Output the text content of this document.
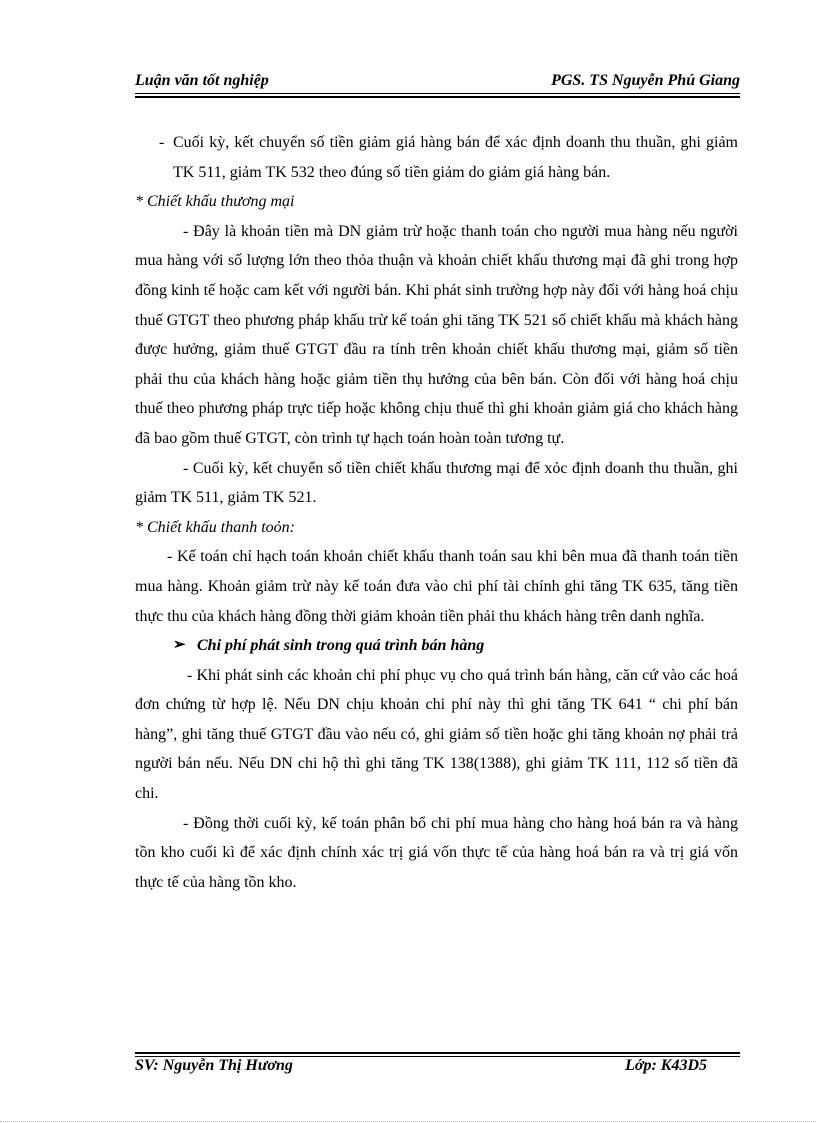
Luận văn tốt nghiệp	PGS. TS Nguyễn Phú Giang
- Cuối kỳ, kết chuyển số tiền giảm giá hàng bán để xác định doanh thu thuần, ghi giảm TK 511, giảm TK 532 theo đúng số tiền giảm do giảm giá hàng bán.

* Chiết khấu thương mại

- Đây là khoản tiền mà DN giảm trừ hoặc thanh toán cho người mua hàng nếu người mua hàng với số lượng lớn theo thỏa thuận và khoản chiết khấu thương mại đã ghi trong hợp đồng kinh tế hoặc cam kết với người bán. Khi phát sinh trường hợp này đối với hàng hoá chịu thuế GTGT theo phương pháp khấu trừ kế toán ghi tăng TK 521 số chiết khấu mà khách hàng được hưởng, giảm thuế GTGT đầu ra tính trên khoản chiết khấu thương mại, giảm số tiền phải thu của khách hàng hoặc giảm tiền thụ hưởng của bên bán. Còn đối với hàng hoá chịu thuế theo phương pháp trực tiếp hoặc không chịu thuế thì ghi khoản giảm giá cho khách hàng đã bao gồm thuế GTGT, còn trình tự hạch toán hoàn toàn tương tự.

- Cuối kỳ, kết chuyển số tiền chiết khấu thương mại để xỏc định doanh thu thuần, ghi giảm TK 511, giảm TK 521.

* Chiết khấu thanh toỏn:

- Kế toán chỉ hạch toán khoản chiết khấu thanh toán sau khi bên mua đã thanh toán tiền mua hàng. Khoản giảm trừ này kế toán đưa vào chi phí tài chính ghi tăng TK 635, tăng tiền thực thu của khách hàng đồng thời giảm khoản tiền phải thu khách hàng trên danh nghĩa.

➢ Chi phí phát sinh trong quá trình bán hàng

- Khi phát sinh các khoản chi phí phục vụ cho quá trình bán hàng, căn cứ vào các hoá đơn chứng từ hợp lệ. Nếu DN chịu khoản chi phí này thì ghi tăng TK 641 “ chi phí bán hàng”, ghi tăng thuế GTGT đầu vào nếu có, ghi giảm số tiền hoặc ghi tăng khoản nợ phải trả người bán nếu. Nếu DN chi hộ thì ghi tăng TK 138(1388), ghi giảm TK 111, 112 số tiền đã chi.

- Đồng thời cuối kỳ, kế toán phân bổ chi phí mua hàng cho hàng hoá bán ra và hàng tồn kho cuối kì để xác định chính xác trị giá vốn thực tế của hàng hoá bán ra và trị giá vốn thực tế của hàng tồn kho.

SV: Nguyễn Thị Hương	Lớp: K43D5
